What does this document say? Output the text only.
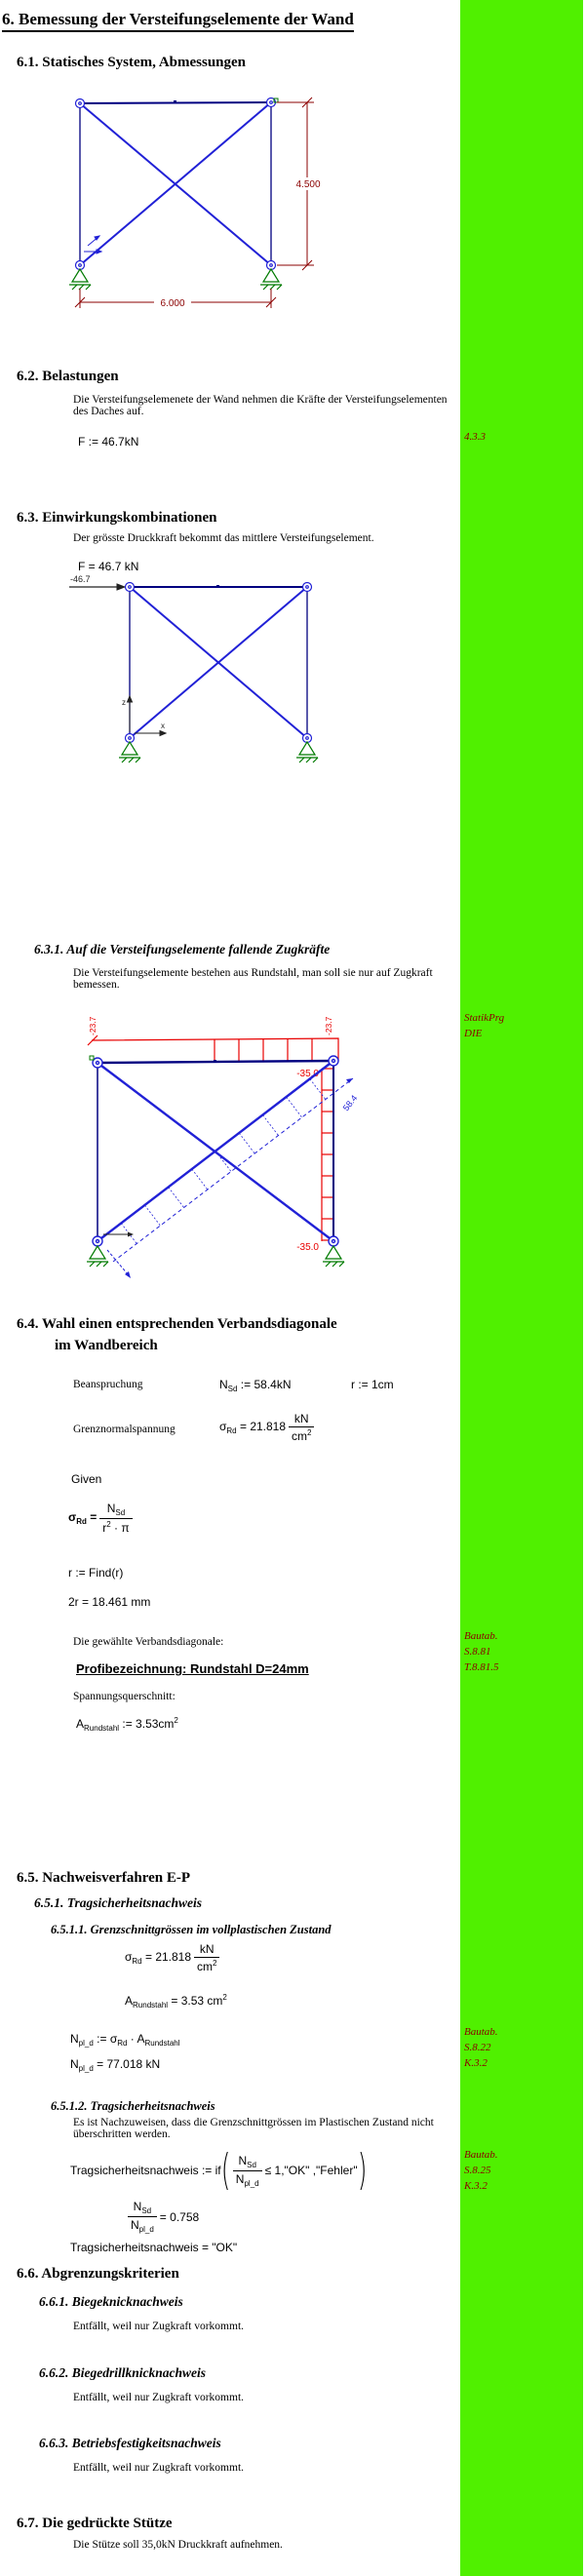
4.3.3
StatikPrg
DIE
Bautab.
S.8.81
T.8.81.5
Bautab.
S.8.22
K.3.2
Bautab.
S.8.25
K.3.2
6. Bemessung der Versteifungselemente der Wand
6.1. Statisches System, Abmessungen
4.500
6.000
6.2. Belastungen
Die Versteifungselemenete der Wand nehmen die Kräfte der Versteifungselementen
des Daches auf.
F := 46.7kN
6.3. Einwirkungskombinationen
Der grösste Druckkraft bekommt das mittlere Versteifungselement.
F = 46.7 kN
-46.7
z
x
6.3.1. Auf die Versteifungselemente fallende Zugkräfte
Die Versteifungselemente bestehen aus Rundstahl, man soll sie nur auf Zugkraft
bemessen.
-23.7	-23.7
-35.0
-35.0
58.4
6.4. Wahl einen entsprechenden Verbandsdiagonale
im Wandbereich
Beanspruchung	$N_{Sd}$ := 58.4kN	r := 1cm
Grenznormalspannung	$\sigma_{Rd} = 21.818 \frac{kN}{cm^2}$
Given
$\sigma_{Rd} = \frac{N_{Sd}}{r^2 \cdot \pi}$
r := Find(r)
2r = 18.461 mm
Die gewählte Verbandsdiagonale:
Profibezeichnung: Rundstahl D=24mm
Spannungsquerschnitt:
$A_{Rundstahl}$ := $3.53cm^2$
6.5. Nachweisverfahren E-P
6.5.1. Tragsicherheitsnachweis
6.5.1.1. Grenzschnittgrössen im vollplastischen Zustand
$\sigma_{Rd} = 21.818 \frac{kN}{cm^2}$
$A_{Rundstahl} = 3.53$ $cm^2$
$N_{pl\_d}$ := $\sigma_{Rd} \cdot A_{Rundstahl}$
$N_{pl\_d} = 77.018$ kN
6.5.1.2. Tragsicherheitsnachweis
Es ist Nachzuweisen, dass die Grenzschnittgrössen im Plastischen Zustand nicht
überschritten werden.
Tragsicherheitsnachweis := if ( $\frac{N_{Sd}}{N_{pl\_d}}$ ≤ 1,"OK" ,"Fehler" )
$\frac{N_{Sd}}{N_{pl\_d}} = 0.758$
Tragsicherheitsnachweis = "OK"
6.6. Abgrenzungskriterien
6.6.1. Biegeknicknachweis
Entfällt, weil nur Zugkraft vorkommt.
6.6.2. Biegedrillknicknachweis
Entfällt, weil nur Zugkraft vorkommt.
6.6.3. Betriebsfestigkeitsnachweis
Entfällt, weil nur Zugkraft vorkommt.
6.7. Die gedrückte Stütze
Die Stütze soll 35,0kN Druckkraft aufnehmen.
